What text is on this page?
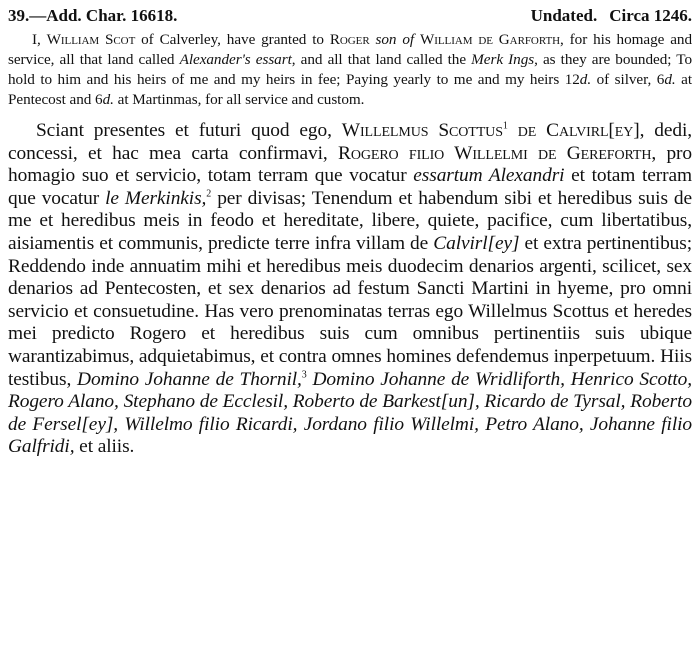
39.—Add. Char. 16618.	Undated. Circa 1246.

I, William Scot of Calverley, have granted to Roger son of William de Garforth, for his homage and service, all that land called Alexander's essart, and all that land called the Merk Ings, as they are bounded; To hold to him and his heirs of me and my heirs in fee; Paying yearly to me and my heirs 12d. of silver, 6d. at Pentecost and 6d. at Martinmas, for all service and custom.

Sciant presentes et futuri quod ego, Willelmus Scottus$^1$ de Calvirl[ey], dedi, concessi, et hac mea carta confirmavi, Rogero filio Willelmi de Gereforth, pro homagio suo et servicio, totam terram que vocatur essartum Alexandri et totam terram que vocatur le Merkinkis,$^2$ per divisas; Tenendum et habendum sibi et heredibus suis de me et heredibus meis in feodo et hereditate, libere, quiete, pacifice, cum libertatibus, aisiamentis et communis, predicte terre infra villam de Calvirl[ey] et extra pertinentibus; Reddendo inde annuatim mihi et heredibus meis duodecim denarios argenti, scilicet, sex denarios ad Pentecosten, et sex denarios ad festum Sancti Martini in hyeme, pro omni servicio et consuetudine. Has vero prenominatas terras ego Willelmus Scottus et heredes mei predicto Rogero et heredibus suis cum omnibus pertinentiis suis ubique warantizabimus, adquietabimus, et contra omnes homines defendemus inperpetuum. Hiis testibus, Domino Johanne de Thornil,$^3$ Domino Johanne de Wridliforth, Henrico Scotto, Rogero Alano, Stephano de Ecclesil, Roberto de Barkest[un], Ricardo de Tyrsal, Roberto de Fersel[ey], Willelmo filio Ricardi, Jordano filio Willelmi, Petro Alano, Johanne filio Galfridi, et aliis.
